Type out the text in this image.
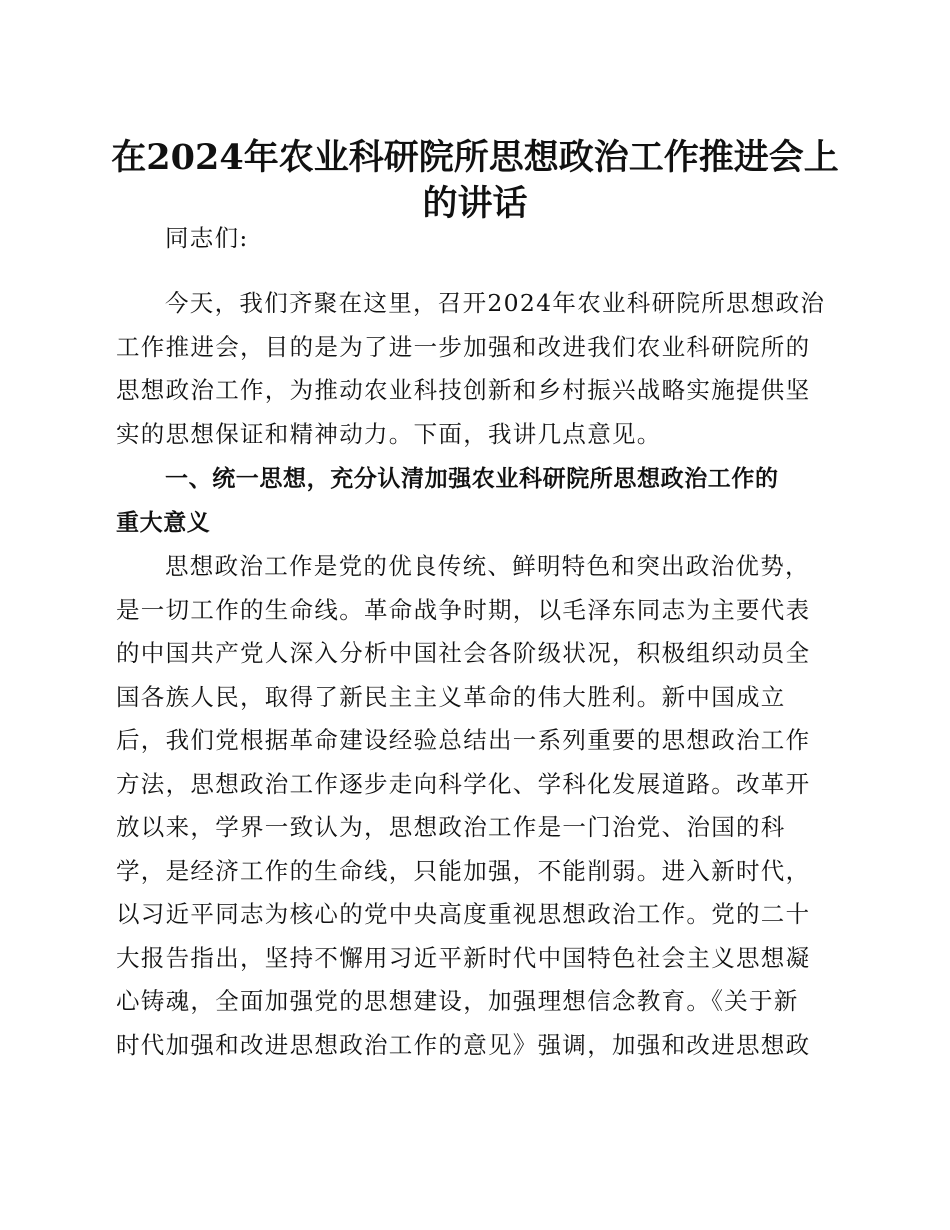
在2024年农业科研院所思想政治工作推进会上
的讲话

同志们:

今天，我们齐聚在这里，召开2024年农业科研院所思想政治

工作推进会，目的是为了进一步加强和改进我们农业科研院所的

思想政治工作，为推动农业科技创新和乡村振兴战略实施提供坚

实的思想保证和精神动力。下面，我讲几点意见。

一、统一思想，充分认清加强农业科研院所思想政治工作的

重大意义

思想政治工作是党的优良传统、鲜明特色和突出政治优势，

是一切工作的生命线。革命战争时期，以毛泽东同志为主要代表

的中国共产党人深入分析中国社会各阶级状况，积极组织动员全

国各族人民，取得了新民主主义革命的伟大胜利。新中国成立

后，我们党根据革命建设经验总结出一系列重要的思想政治工作

方法，思想政治工作逐步走向科学化、学科化发展道路。改革开

放以来，学界一致认为，思想政治工作是一门治党、治国的科

学，是经济工作的生命线，只能加强，不能削弱。进入新时代，

以习近平同志为核心的党中央高度重视思想政治工作。党的二十

大报告指出，坚持不懈用习近平新时代中国特色社会主义思想凝

心铸魂，全面加强党的思想建设，加强理想信念教育。《关于新

时代加强和改进思想政治工作的意见》强调，加强和改进思想政
